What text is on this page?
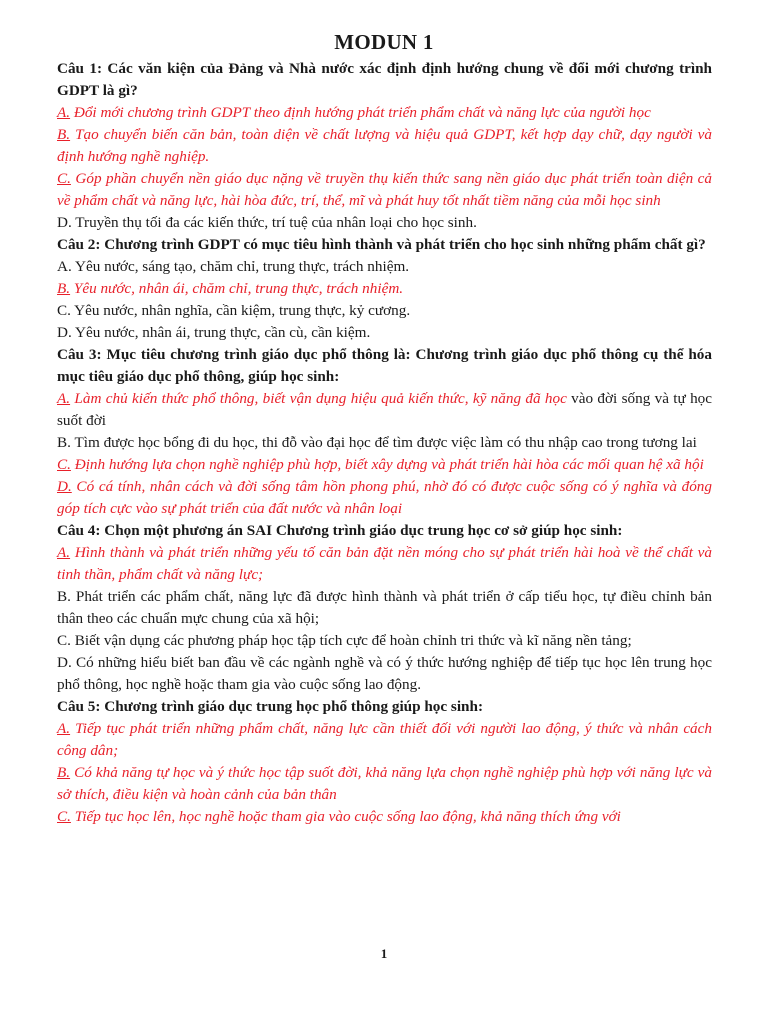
MODUN 1
Câu 1: Các văn kiện của Đảng và Nhà nước xác định định hướng chung về đổi mới chương trình GDPT là gì?
A. Đổi mới chương trình GDPT theo định hướng phát triển phẩm chất và năng lực của người học
B. Tạo chuyển biến căn bản, toàn diện về chất lượng và hiệu quả GDPT, kết hợp dạy chữ, dạy người và định hướng nghề nghiệp.
C. Góp phần chuyển nền giáo dục nặng về truyền thụ kiến thức sang nền giáo dục phát triển toàn diện cả về phẩm chất và năng lực, hài hòa đức, trí, thể, mĩ và phát huy tốt nhất tiềm năng của mỗi học sinh
D. Truyền thụ tối đa các kiến thức, trí tuệ của nhân loại cho học sinh.
Câu 2: Chương trình GDPT có mục tiêu hình thành và phát triển cho học sinh những phẩm chất gì?
A. Yêu nước, sáng tạo, chăm chỉ, trung thực, trách nhiệm.
B. Yêu nước, nhân ái, chăm chỉ, trung thực, trách nhiệm.
C. Yêu nước, nhân nghĩa, cần kiệm, trung thực, kỷ cương.
D. Yêu nước, nhân ái, trung thực, cần cù, cần kiệm.
Câu 3: Mục tiêu chương trình giáo dục phổ thông là: Chương trình giáo dục phổ thông cụ thể hóa mục tiêu giáo dục phổ thông, giúp học sinh:
A. Làm chủ kiến thức phổ thông, biết vận dụng hiệu quả kiến thức, kỹ năng đã học vào đời sống và tự học suốt đời
B. Tìm được học bổng đi du học, thi đỗ vào đại học để tìm được việc làm có thu nhập cao trong tương lai
C. Định hướng lựa chọn nghề nghiệp phù hợp, biết xây dựng và phát triển hài hòa các mối quan hệ xã hội
D. Có cá tính, nhân cách và đời sống tâm hồn phong phú, nhờ đó có được cuộc sống có ý nghĩa và đóng góp tích cực vào sự phát triển của đất nước và nhân loại
Câu 4: Chọn một phương án SAI Chương trình giáo dục trung học cơ sở giúp học sinh:
A. Hình thành và phát triển những yếu tố căn bản đặt nền móng cho sự phát triển hài hoà về thể chất và tinh thần, phẩm chất và năng lực;
B. Phát triển các phẩm chất, năng lực đã được hình thành và phát triển ở cấp tiểu học, tự điều chỉnh bản thân theo các chuẩn mực chung của xã hội;
C. Biết vận dụng các phương pháp học tập tích cực để hoàn chỉnh tri thức và kĩ năng nền tảng;
D. Có những hiểu biết ban đầu về các ngành nghề và có ý thức hướng nghiệp để tiếp tục học lên trung học phổ thông, học nghề hoặc tham gia vào cuộc sống lao động.
Câu 5: Chương trình giáo dục trung học phổ thông giúp học sinh:
A. Tiếp tục phát triển những phẩm chất, năng lực cần thiết đối với người lao động, ý thức và nhân cách công dân;
B. Có khả năng tự học và ý thức học tập suốt đời, khả năng lựa chọn nghề nghiệp phù hợp với năng lực và sở thích, điều kiện và hoàn cảnh của bản thân
C. Tiếp tục học lên, học nghề hoặc tham gia vào cuộc sống lao động, khả năng thích ứng với
1
